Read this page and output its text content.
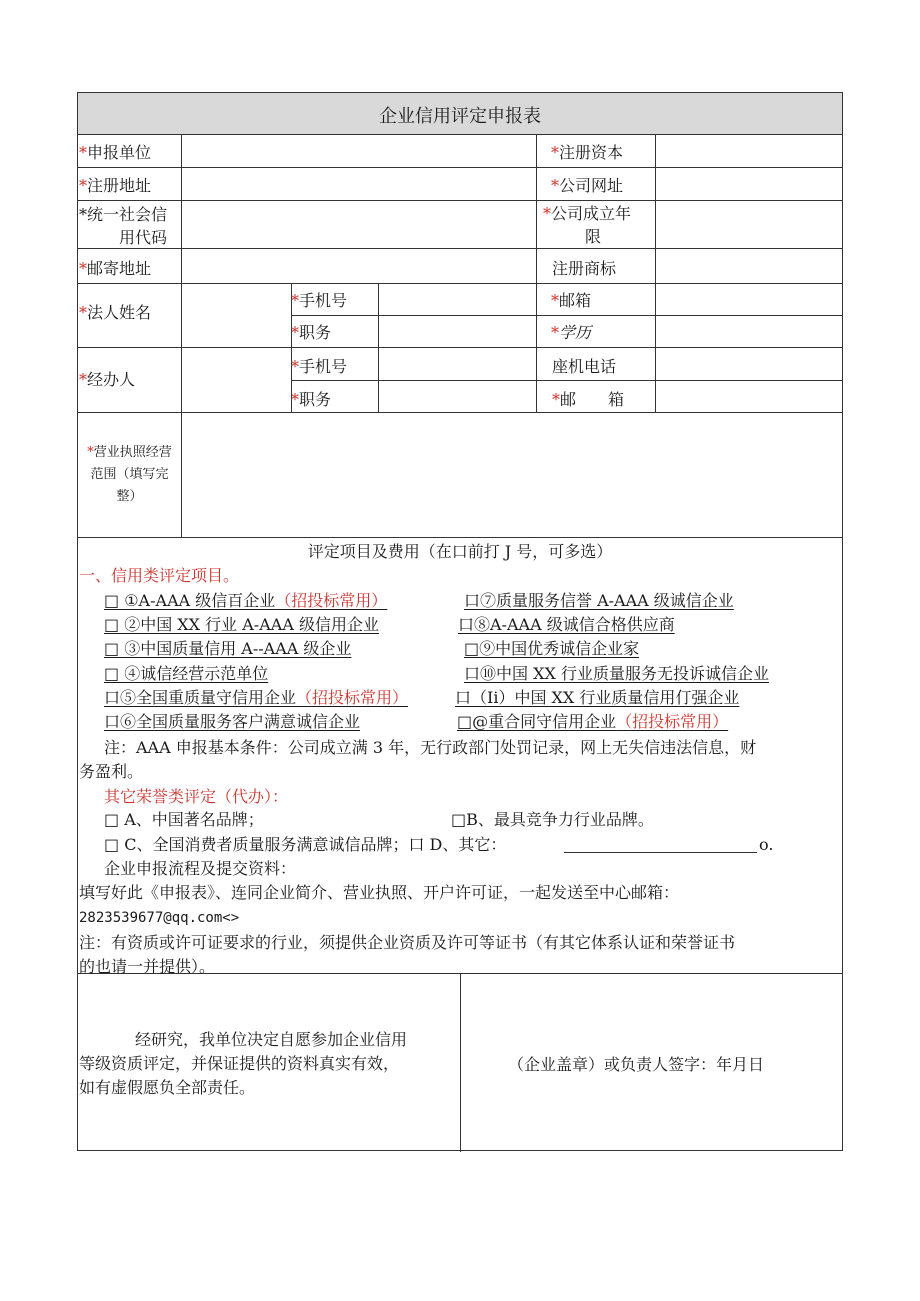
企业信用评定申报表
*申报单位	*注册资本
*注册地址	*公司网址
*统一社会信
用代码
*公司成立年
限
*邮寄地址	注册商标
*法人姓名
*手机号	*邮箱
*职务	*学历
*经办人
*手机号	座机电话
*职务	*邮　　箱
*营业执照经营
范围（填写完
整）
评定项目及费用（在口前打 J 号，可多选）
一、信用类评定项目。
□ ①A-AAA 级信百企业（招投标常用）	口⑦质量服务信誉 A-AAA 级诚信企业
□ ②中国 XX 行业 A-AAA 级信用企业	口⑧A-AAA 级诚信合格供应商
□ ③中国质量信用 A--AAA 级企业	□⑨中国优秀诚信企业家
□ ④诚信经营示范单位	口⑩中国 XX 行业质量服务无投诉诚信企业
口⑤全国重质量守信用企业（招投标常用）	口（Ii）中国 XX 行业质量信用仃强企业
口⑥全国质量服务客户满意诚信企业	□@重合同守信用企业（招投标常用）
注：AAA 申报基本条件：公司成立满 3 年，无行政部门处罚记录，网上无失信违法信息，财
务盈利。
其它荣誉类评定（代办）：
□ A、中国著名品牌；	□B、最具竞争力行业品牌。
□ C、全国消费者质量服务满意诚信品牌；口 D、其它：	o.
企业申报流程及提交资料：
填写好此《申报表》、连同企业简介、营业执照、开户许可证，一起发送至中心邮箱：
2823539677@qq.com<>
注：有资质或许可证要求的行业，须提供企业资质及许可等证书（有其它体系认证和荣誉证书
的也请一并提供）。
经研究，我单位决定自愿参加企业信用
等级资质评定，并保证提供的资料真实有效，
如有虚假愿负全部责任。
（企业盖章）或负责人签字：年月日
